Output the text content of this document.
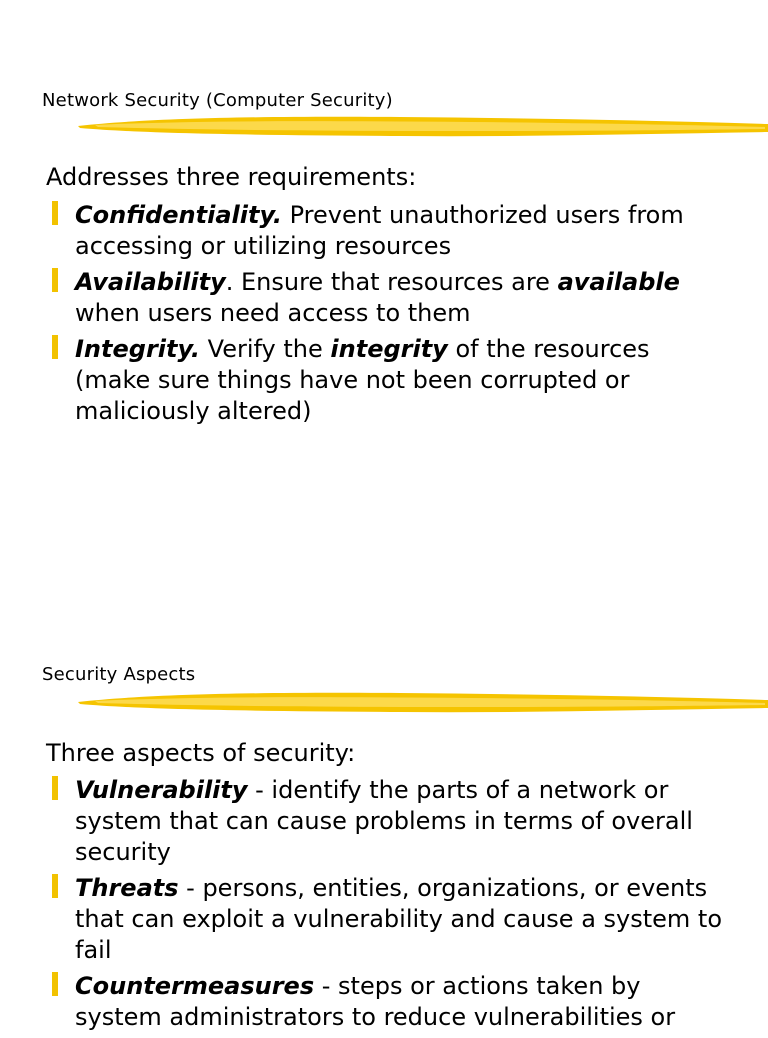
Network Security (Computer Security)

Addresses three requirements:

Confidentiality. Prevent unauthorized users from accessing or utilizing resources
Availability. Ensure that resources are available when users need access to them
Integrity. Verify the integrity of the resources (make sure things have not been corrupted or maliciously altered)
Security Aspects

Three aspects of security:

Vulnerability - identify the parts of a network or system that can cause problems in terms of overall security
Threats - persons, entities, organizations, or events that can exploit a vulnerability and cause a system to fail
Countermeasures - steps or actions taken by system administrators to reduce vulnerabilities or
